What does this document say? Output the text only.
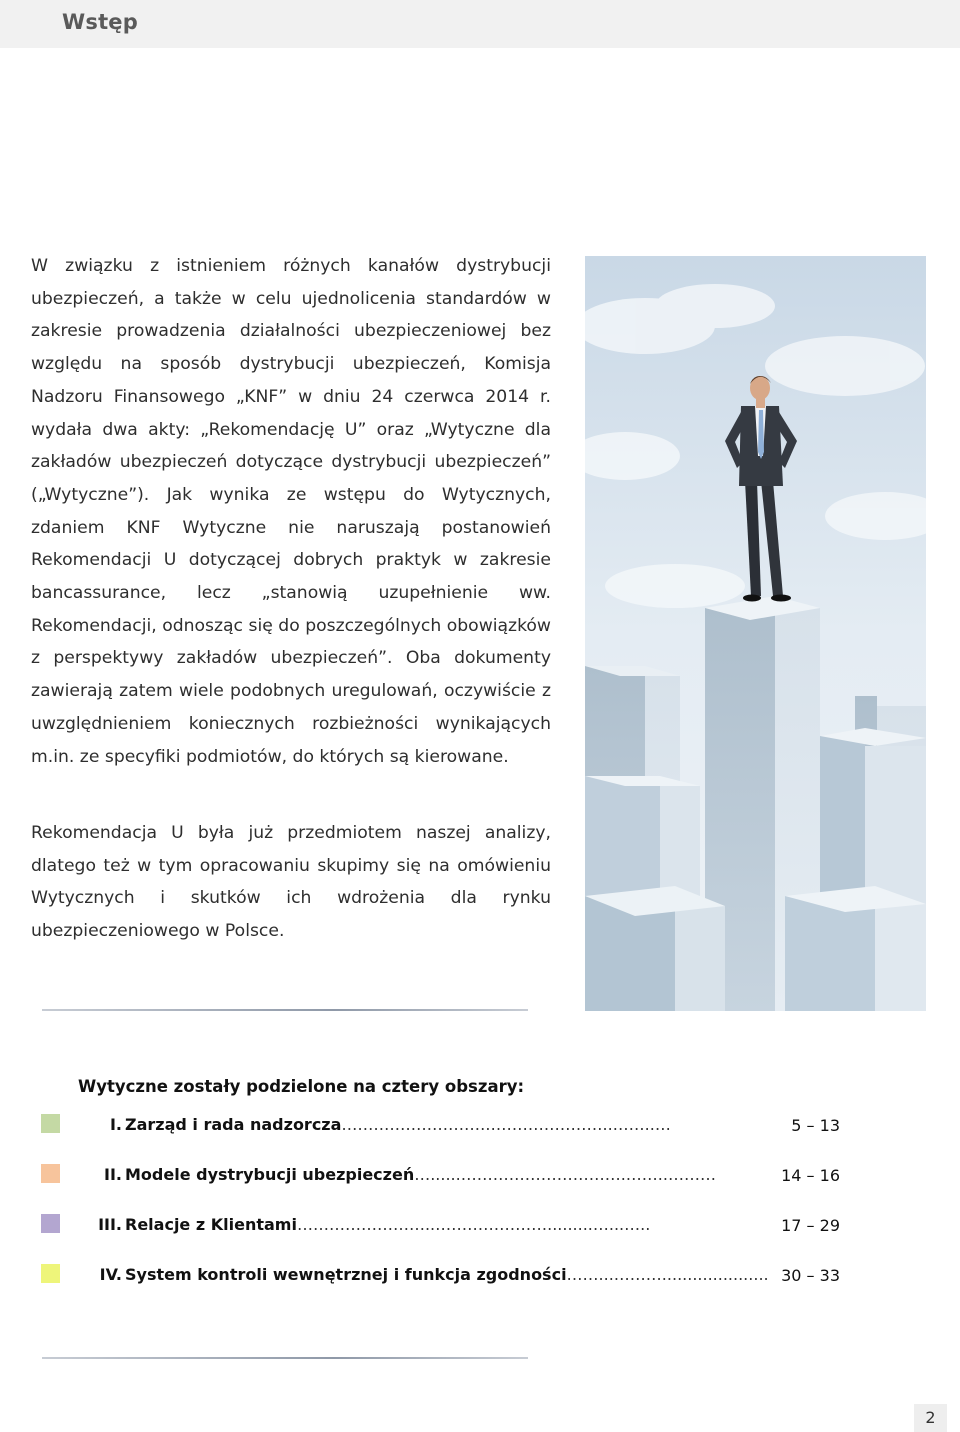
Wstęp
W związku z istnieniem różnych kanałów dystrybucji ubezpieczeń, a także w celu ujednolicenia standardów w zakresie prowadzenia działalności ubezpieczeniowej bez względu na sposób dystrybucji ubezpieczeń, Komisja Nadzoru Finansowego „KNF” w dniu 24 czerwca 2014 r. wydała dwa akty: „Rekomendację U” oraz „Wytyczne dla zakładów ubezpieczeń dotyczące dystrybucji ubezpieczeń” („Wytyczne”). Jak wynika ze wstępu do Wytycznych, zdaniem KNF Wytyczne nie naruszają postanowień Rekomendacji U dotyczącej dobrych praktyk w zakresie bancassurance, lecz „stanowią uzupełnienie ww. Rekomendacji, odnosząc się do poszczególnych obowiązków z perspektywy zakładów ubezpieczeń”. Oba dokumenty zawierają zatem wiele podobnych uregulowań, oczywiście z uwzględnieniem koniecznych rozbieżności wynikających m.in. ze specyfiki podmiotów, do których są kierowane.
Rekomendacja U była już przedmiotem naszej analizy, dlatego też w tym opracowaniu skupimy się na omówieniu Wytycznych i skutków ich wdrożenia dla rynku ubezpieczeniowego w Polsce.
Wytyczne zostały podzielone na cztery obszary:
I. Zarząd i rada nadzorcza……………………….…………………..……..…	5 – 13
II. Modele dystrybucji ubezpieczeń…......………………………….……..………	14 – 16
III. Relacje z Klientami……………………..………………….........…...…..	17 – 29
IV. System kontroli wewnętrznej i funkcja zgodności……...………..................... 30 – 33
2
